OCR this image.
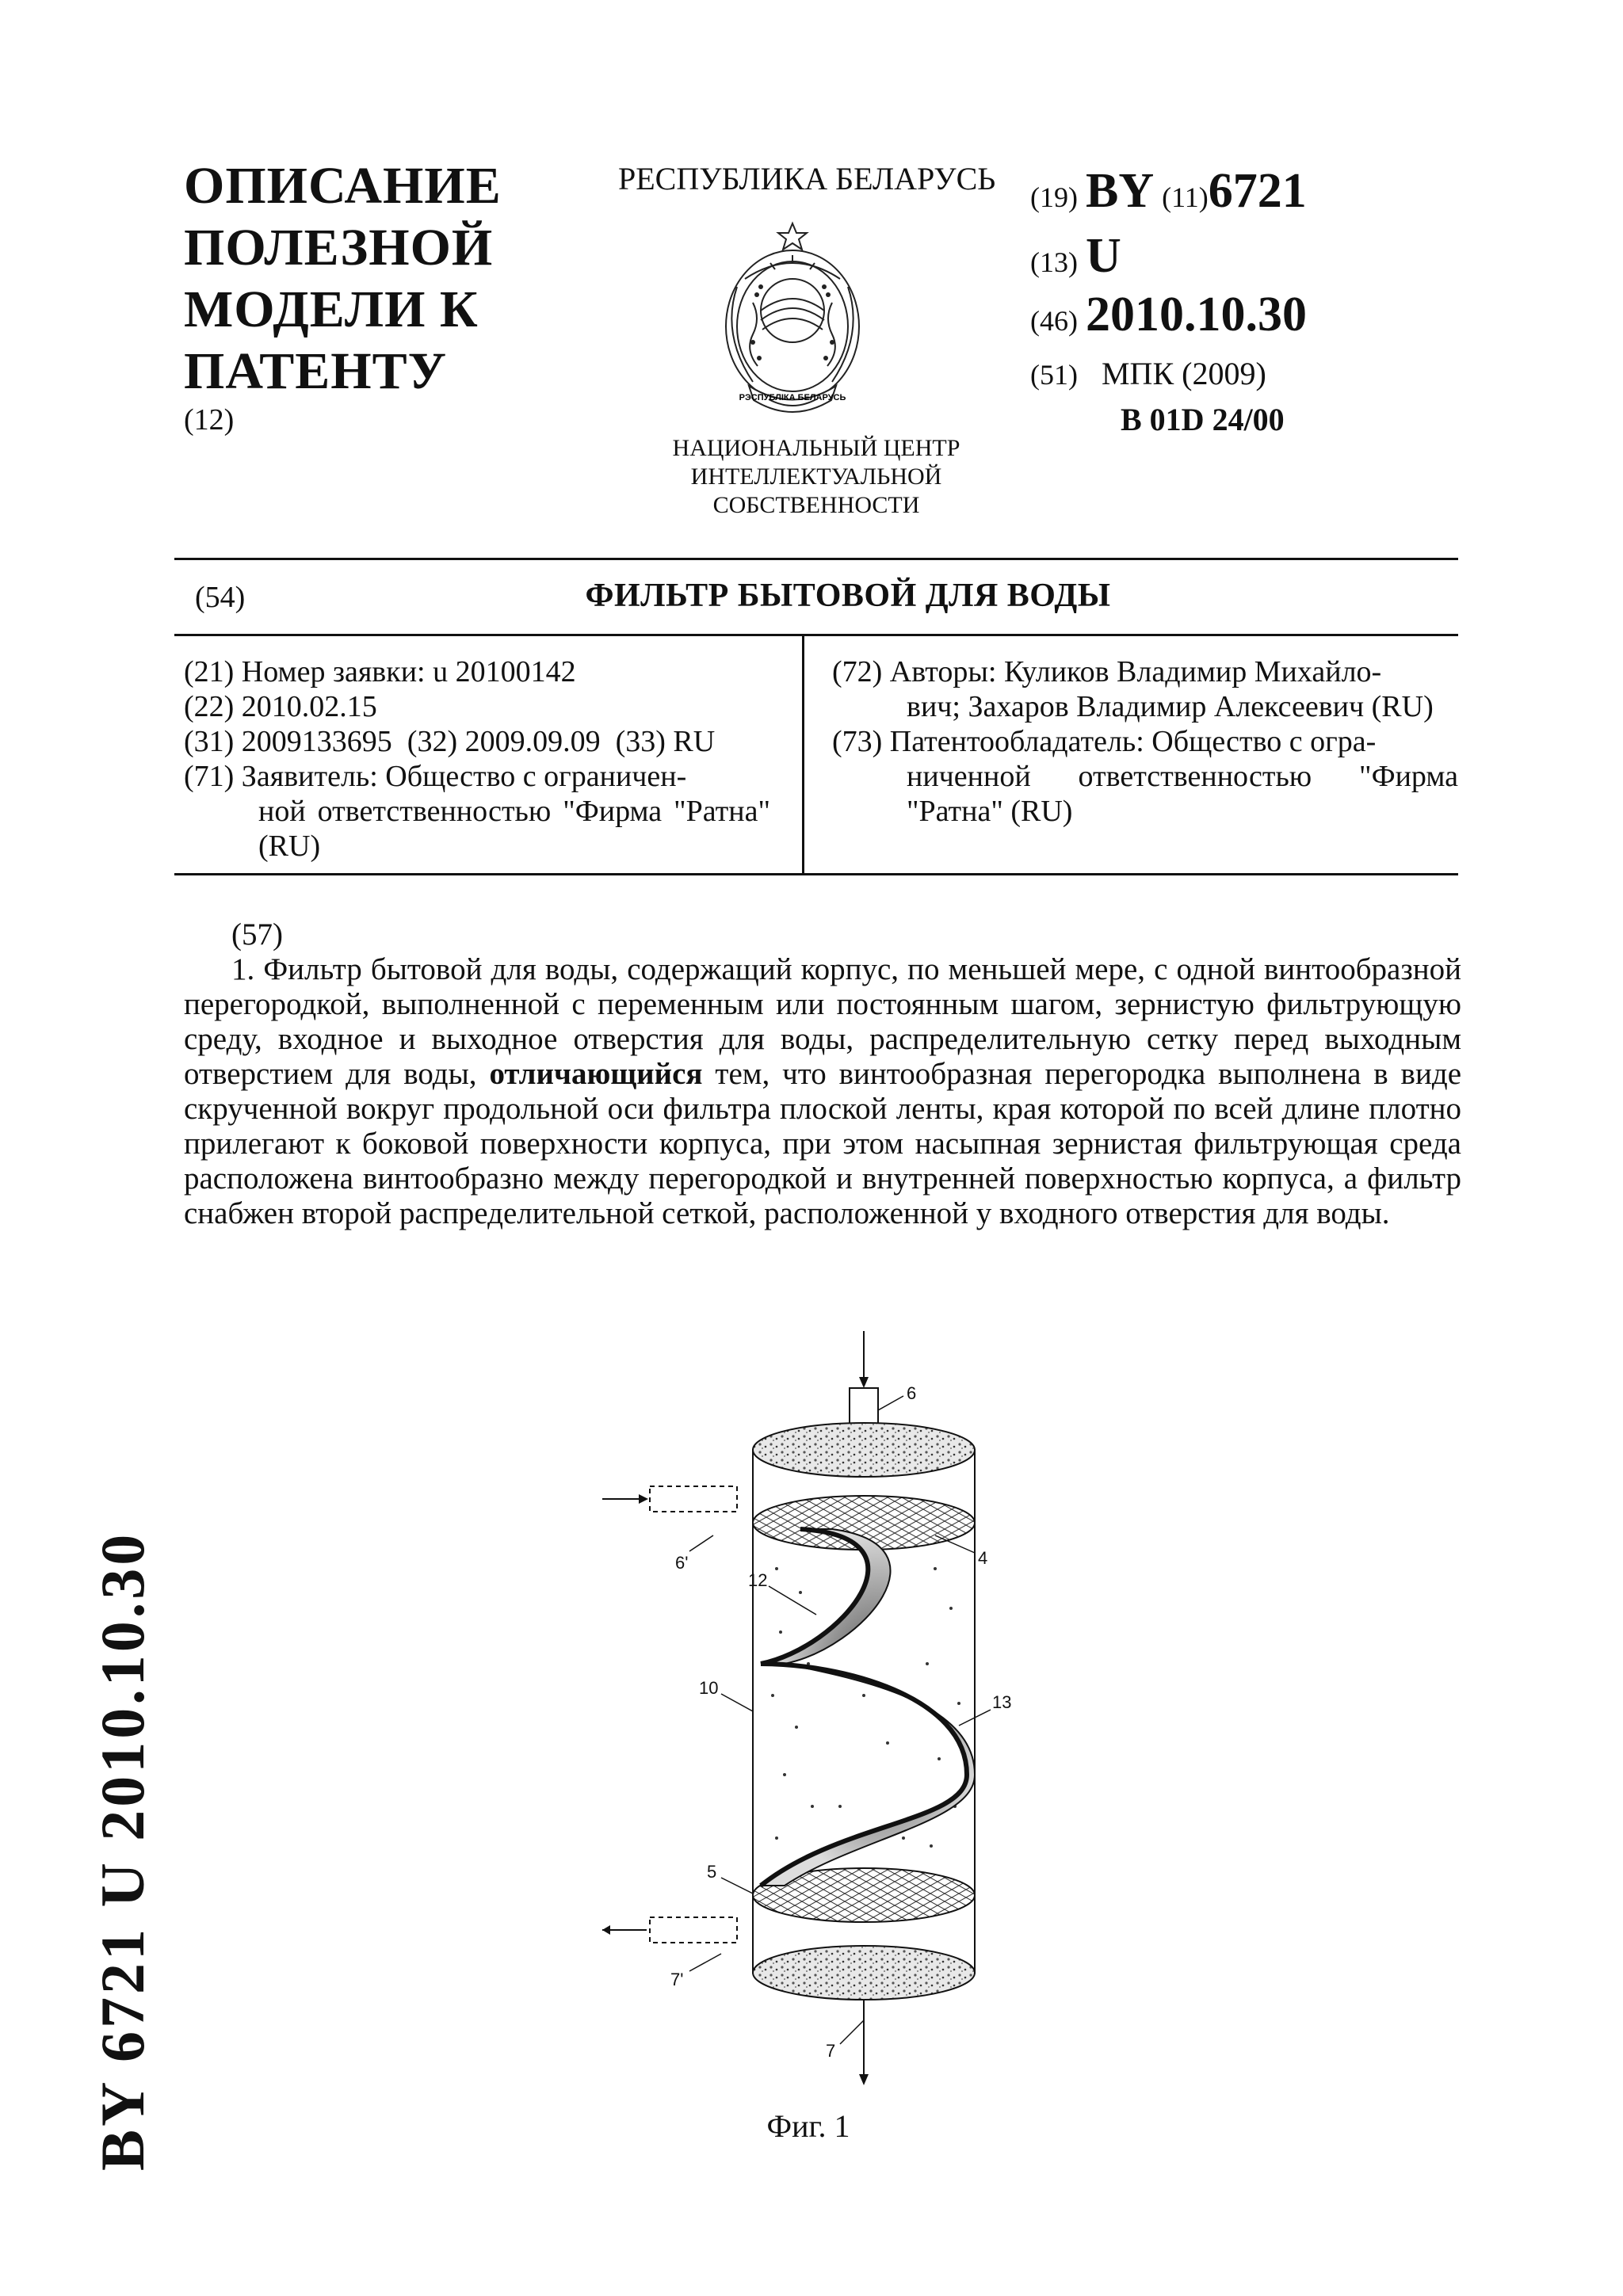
ОПИСАНИЕ
ПОЛЕЗНОЙ
МОДЕЛИ К
ПАТЕНТУ
(12)
РЕСПУБЛИКА БЕЛАРУСЬ
РЭСПУБЛІКА БЕЛАРУСЬ
НАЦИОНАЛЬНЫЙ ЦЕНТР
ИНТЕЛЛЕКТУАЛЬНОЙ
СОБСТВЕННОСТИ
(19) BY (11)6721
(13) U
(46) 2010.10.30
(51) МПК (2009)
B 01D 24/00
(54)	ФИЛЬТР БЫТОВОЙ ДЛЯ ВОДЫ

(21) Номер заявки: u 20100142

(22) 2010.02.15

(31) 2009133695  (32) 2009.09.09  (33) RU

(71) Заявитель: Общество с ограничен-

ной ответственностью "Фирма "Ратна" (RU)

(72) Авторы: Куликов Владимир Михайло-

вич; Захаров Владимир Алексеевич (RU)

(73) Патентообладатель: Общество с огра-

ниченной ответственностью "Фирма "Ратна" (RU)

(57)

1. Фильтр бытовой для воды, содержащий корпус, по меньшей мере, с одной винтообразной перегородкой, выполненной с переменным или постоянным шагом, зернистую фильтрующую среду, входное и выходное отверстия для воды, распределительную сетку перед выходным отверстием для воды, отличающийся тем, что винтообразная перегородка выполнена в виде скрученной вокруг продольной оси фильтра плоской ленты, края которой по всей длине плотно прилегают к боковой поверхности корпуса, при этом насыпная зернистая фильтрующая среда расположена винтообразно между перегородкой и внутренней поверхностью корпуса, а фильтр снабжен второй распределительной сеткой, расположенной у входного отверстия для воды.

6
6'	4
12
10
13
5
7'
7
Фиг. 1
BY 6721 U 2010.10.30
